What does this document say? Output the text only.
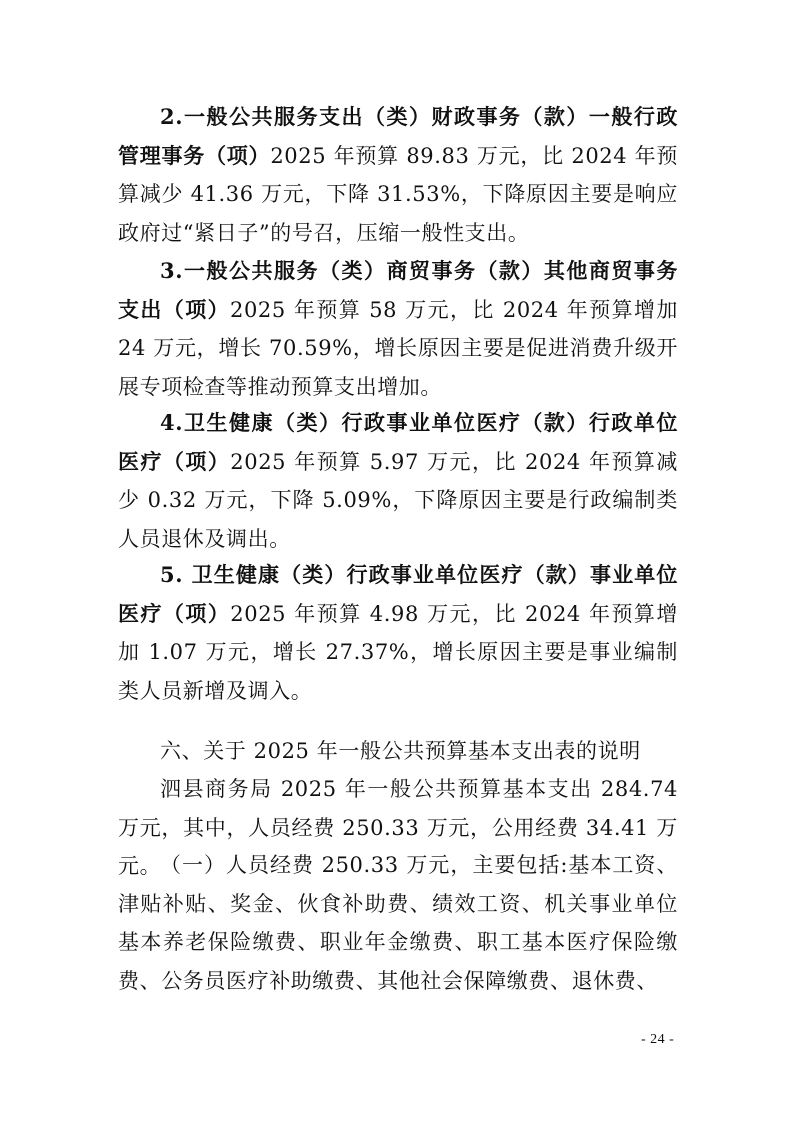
2.一般公共服务支出（类）财政事务（款）一般行政管理事务（项）2025 年预算 89.83 万元，比 2024 年预算减少 41.36 万元，下降 31.53%，下降原因主要是响应政府过“紧日子”的号召，压缩一般性支出。

3.一般公共服务（类）商贸事务（款）其他商贸事务支出（项）2025 年预算 58 万元，比 2024 年预算增加 24 万元，增长 70.59%，增长原因主要是促进消费升级开展专项检查等推动预算支出增加。

4.卫生健康（类）行政事业单位医疗（款）行政单位医疗（项）2025 年预算 5.97 万元，比 2024 年预算减少 0.32 万元，下降 5.09%，下降原因主要是行政编制类人员退休及调出。

5. 卫生健康（类）行政事业单位医疗（款）事业单位医疗（项）2025 年预算 4.98 万元，比 2024 年预算增加 1.07 万元，增长 27.37%，增长原因主要是事业编制类人员新增及调入。

六、关于 2025 年一般公共预算基本支出表的说明

泗县商务局 2025 年一般公共预算基本支出 284.74 万元，其中，人员经费 250.33 万元，公用经费 34.41 万元。

（一）人员经费 250.33 万元，主要包括:基本工资、津贴补贴、奖金、伙食补助费、绩效工资、机关事业单位基本养老保险缴费、职业年金缴费、职工基本医疗保险缴费、公务员医疗补助缴费、其他社会保障缴费、退休费、

- 24 -
